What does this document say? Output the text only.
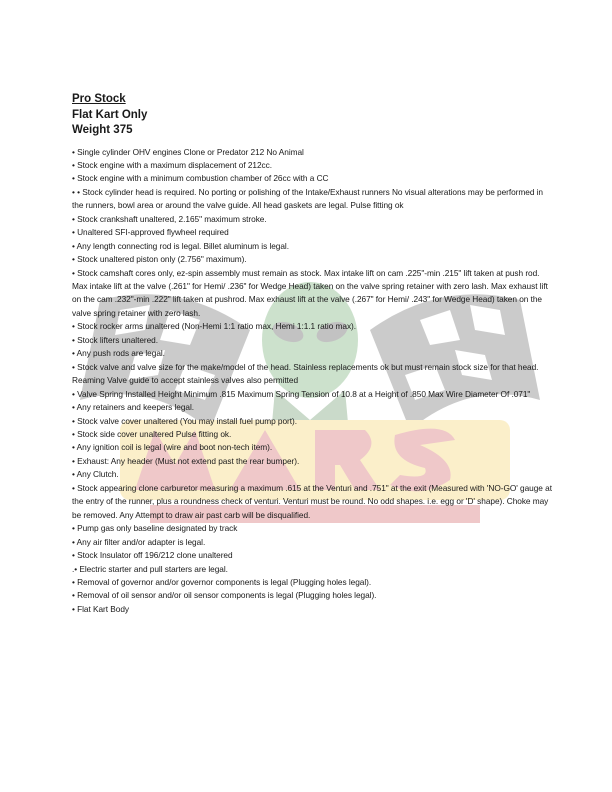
Pro Stock
Flat Kart Only
Weight 375
• Single cylinder OHV engines Clone or Predator 212 No Animal
• Stock engine with a maximum displacement of 212cc.
• Stock engine with a minimum combustion chamber of 26cc with a CC
• • Stock cylinder head is required. No porting or polishing of the Intake/Exhaust runners No visual alterations may be performed in the runners, bowl area or around the valve guide. All head gaskets are legal. Pulse fitting ok
• Stock crankshaft unaltered, 2.165" maximum stroke.
• Unaltered SFI-approved flywheel required
• Any length connecting rod is legal. Billet aluminum is legal.
• Stock unaltered piston only (2.756" maximum).
• Stock camshaft cores only, ez-spin assembly must remain as stock. Max intake lift on cam .225"-min .215" lift taken at push rod. Max intake lift at the valve (.261" for Hemi/ .236" for Wedge Head) taken on the valve spring retainer with zero lash. Max exhaust lift on the cam .232"-min .222" lift taken at pushrod. Max exhaust lift at the valve (.267" for Hemi/ .243" for Wedge Head) taken on the valve spring retainer with zero lash.
• Stock rocker arms unaltered (Non-Hemi 1:1 ratio max, Hemi 1:1.1 ratio max).
• Stock lifters unaltered.
• Any push rods are legal.
• Stock valve and valve size for the make/model of the head. Stainless replacements ok but must remain stock size for that head. Reaming Valve guide to accept stainless valves also permitted
• Valve Spring Installed Height Minimum .815 Maximum Spring Tension of 10.8 at a Height of .850 Max Wire Diameter Of .071"
• Any retainers and keepers legal.
• Stock valve cover unaltered (You may install fuel pump port).
• Stock side cover unaltered Pulse fitting ok.
• Any ignition coil is legal (wire and boot non-tech item).
• Exhaust: Any header (Must not extend past the rear bumper).
• Any Clutch.
• Stock appearing clone carburetor measuring a maximum .615 at the Venturi and .751" at the exit (Measured with 'NO-GO' gauge at the entry of the runner, plus a roundness check of venturi. Venturi must be round. No odd shapes. i.e. egg or 'D' shape). Choke may be removed. Any Attempt to draw air past carb will be disqualified.
• Pump gas only baseline designated by track
• Any air filter and/or adapter is legal.
• Stock Insulator off 196/212 clone unaltered
.• Electric starter and pull starters are legal.
• Removal of governor and/or governor components is legal (Plugging holes legal).
• Removal of oil sensor and/or oil sensor components is legal (Plugging holes legal).
• Flat Kart Body
